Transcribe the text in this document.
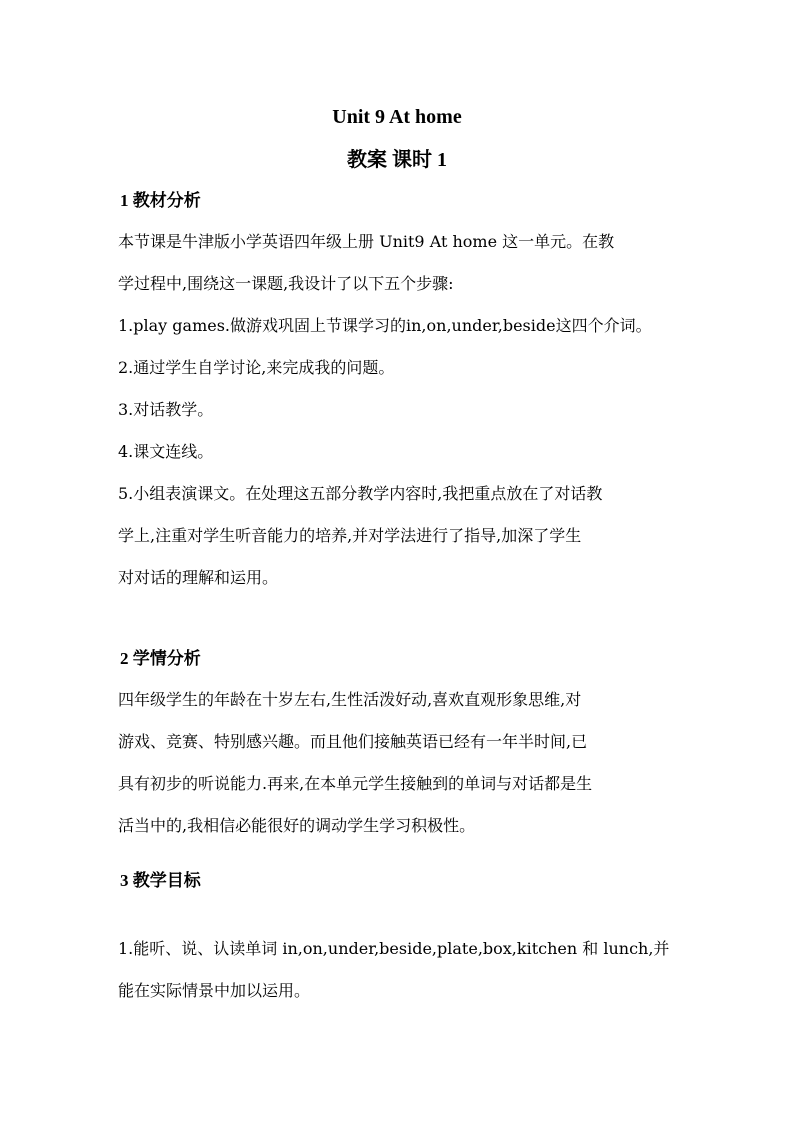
Unit 9 At home
教案 课时 1
1 教材分析
本节课是牛津版小学英语四年级上册 Unit9 At home 这一单元。在教
学过程中,围绕这一课题,我设计了以下五个步骤:
1.play games.做游戏巩固上节课学习的in,on,under,beside这四个介词。
2.通过学生自学讨论,来完成我的问题。
3.对话教学。
4.课文连线。
5.小组表演课文。在处理这五部分教学内容时,我把重点放在了对话教
学上,注重对学生听音能力的培养,并对学法进行了指导,加深了学生
对对话的理解和运用。
2 学情分析
四年级学生的年龄在十岁左右,生性活泼好动,喜欢直观形象思维,对
游戏、竞赛、特别感兴趣。而且他们接触英语已经有一年半时间,已
具有初步的听说能力.再来,在本单元学生接触到的单词与对话都是生
活当中的,我相信必能很好的调动学生学习积极性。
3 教学目标
1.能听、说、认读单词 in,on,under,beside,plate,box,kitchen 和 lunch,并
能在实际情景中加以运用。
